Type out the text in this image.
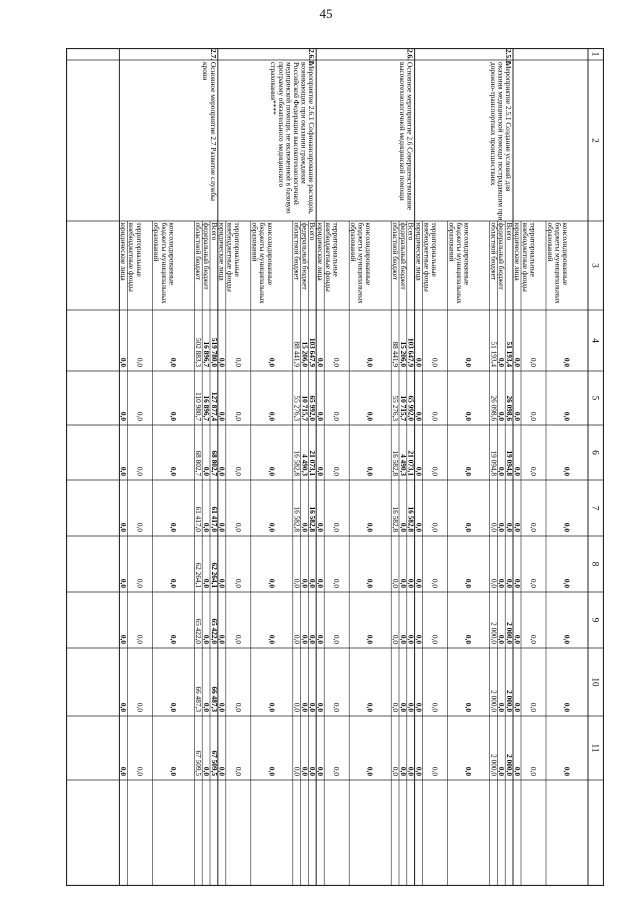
45
1
2
3
4
5
6
7
8
9
10
11
консолидированные
бюджеты муниципальных
образований
0,0
0,0
0,0
0,0
0,0
0,0
0,0
0,0
территориальные
внебюджетные фонды
0,0
0,0
0,0
0,0
0,0
0,0
0,0
0,0
юридические лица
0,0
0,0
0,0
0,0
0,0
0,0
0,0
0,0
Всего
51 193,4
26 098,6
19 094,8
0,0
0,0
2 000,0
2 000,0
2 000,0
федеральный бюджет
0,0
0,0
0,0
0,0
0,0
0,0
0,0
0,0
областной бюджет
51 193,4
26 098,6
19 094,8
0,0
0,0
2 000,0
2 000,0
2 000,0
консолидированные
бюджеты муниципальных
образований
0,0
0,0
0,0
0,0
0,0
0,0
0,0
0,0
территориальные
внебюджетные фонды
0,0
0,0
0,0
0,0
0,0
0,0
0,0
0,0
юридические лица
0,0
0,0
0,0
0,0
0,0
0,0
0,0
0,0
2.5.1.
Мероприятие 2.5.1 Создание условий для
оказания медицинской помощи пострадавшим при
дорожно-транспортных происшествиях
Всего
103 647,9
65 992,0
21 073,1
16 582,8
0,0
0,0
0,0
0,0
федеральный бюджет
15 206,0
10 715,7
4 490,3
0,0
0,0
0,0
0,0
0,0
областной бюджет
88 441,9
55 276,3
16 582,8
16 582,8
0,0
0,0
0,0
0,0
консолидированные
бюджеты муниципальных
образований
0,0
0,0
0,0
0,0
0,0
0,0
0,0
0,0
территориальные
внебюджетные фонды
0,0
0,0
0,0
0,0
0,0
0,0
0,0
0,0
юридические лица
0,0
0,0
0,0
0,0
0,0
0,0
0,0
0,0
2.6.
Основное мероприятие 2.6 Совершенствование
высокотехнологичной медицинской помощи
Всего
103 647,9
65 992,0
21 073,1
16 582,8
0,0
0,0
0,0
0,0
федеральный бюджет
15 206,0
10 715,7
4 490,3
0,0
0,0
0,0
0,0
0,0
областной бюджет
88 441,9
55 276,3
16 582,8
16 582,8
0,0
0,0
0,0
0,0
консолидированные
бюджеты муниципальных
образований
0,0
0,0
0,0
0,0
0,0
0,0
0,0
0,0
территориальные
внебюджетные фонды
0,0
0,0
0,0
0,0
0,0
0,0
0,0
0,0
юридические лица
0,0
0,0
0,0
0,0
0,0
0,0
0,0
0,0
2.6.1.
Мероприятие 2.6.1 Софинансирование расходов,
возникающих при оказании гражданам
Российской Федерации высокотехнологичной
медицинской помощи, не включенной в базовую
программу обязательного медицинского
страхования****
Всего
519 780,0
127 877,4
68 802,7
61 417,0
62 264,1
65 422,0
66 487,3
67 509,5
федеральный бюджет
16 896,7
16 896,7
0,0
0,0
0,0
0,0
0,0
0,0
областной бюджет
502 883,3
110 980,7
68 802,7
61 417,0
62 264,1
65 422,0
66 487,3
67 509,5
консолидированные
бюджеты муниципальных
образований
0,0
0,0
0,0
0,0
0,0
0,0
0,0
0,0
территориальные
внебюджетные фонды
0,0
0,0
0,0
0,0
0,0
0,0
0,0
0,0
юридические лица
0,0
0,0
0,0
0,0
0,0
0,0
0,0
0,0
2.7.
Основное мероприятие 2.7 Развитие службы
крови
